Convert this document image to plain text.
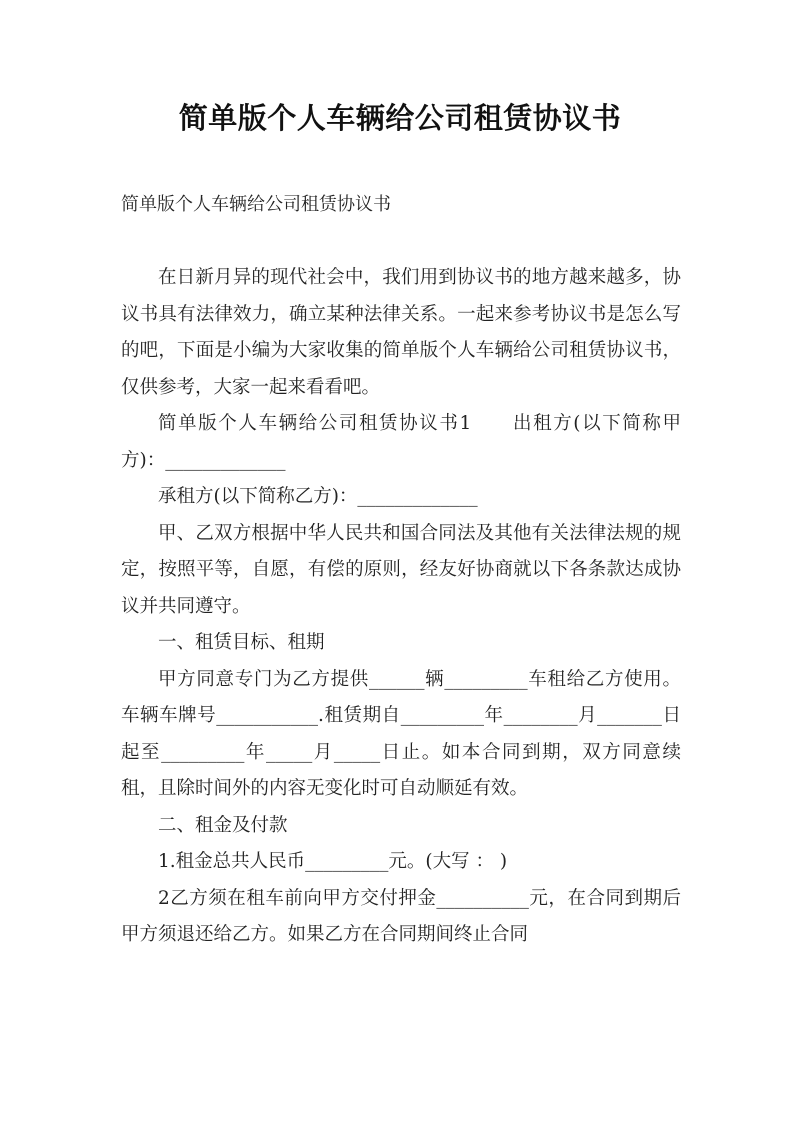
简单版个人车辆给公司租赁协议书
简单版个人车辆给公司租赁协议书

在日新月异的现代社会中，我们用到协议书的地方越来越多，协议书具有法律效力，确立某种法律关系。一起来参考协议书是怎么写的吧，下面是小编为大家收集的简单版个人车辆给公司租赁协议书，仅供参考，大家一起来看看吧。

简单版个人车辆给公司租赁协议书1　　出租方(以下简称甲方)：_____________

承租方(以下简称乙方)：_____________

甲、乙双方根据中华人民共和国合同法及其他有关法律法规的规定，按照平等，自愿，有偿的原则，经友好协商就以下各条款达成协议并共同遵守。

一、租赁目标、租期

甲方同意专门为乙方提供______辆_________车租给乙方使用。车辆车牌号___________.租赁期自_________年________月_______日起至_________年_____月_____日止。如本合同到期，双方同意续租，且除时间外的内容无变化时可自动顺延有效。

二、租金及付款

1.租金总共人民币_________元。(大写 ： )

2乙方须在租车前向甲方交付押金__________元，在合同到期后甲方须退还给乙方。如果乙方在合同期间终止合同
